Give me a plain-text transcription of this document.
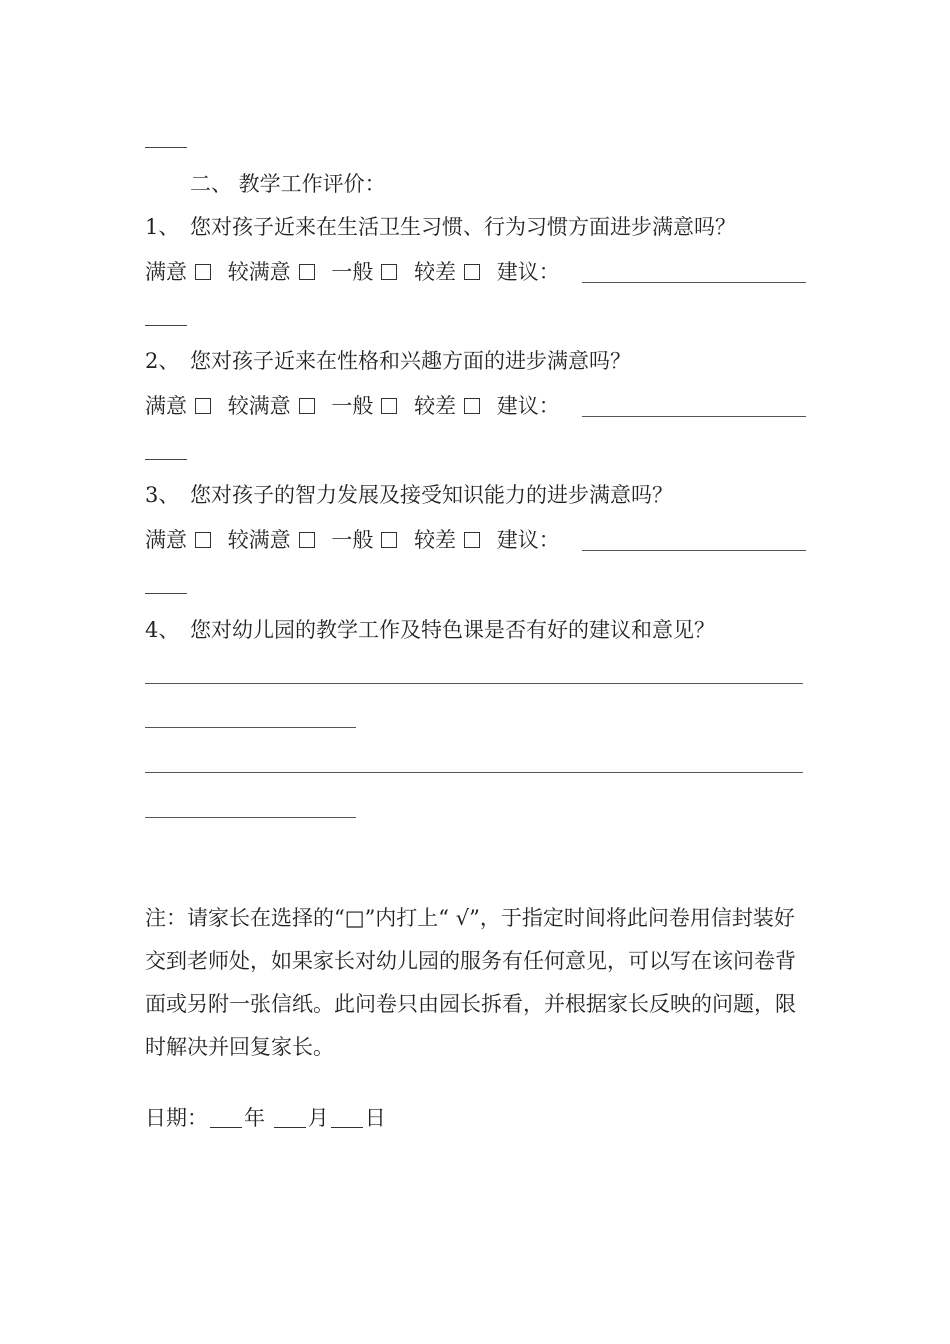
二、 教学工作评价：
1、 您对孩子近来在生活卫生习惯、行为习惯方面进步满意吗？
满意 较满意 一般 较差 建议：
2、 您对孩子近来在性格和兴趣方面的进步满意吗？
满意 较满意 一般 较差 建议：
3、 您对孩子的智力发展及接受知识能力的进步满意吗？
满意 较满意 一般 较差 建议：
4、 您对幼儿园的教学工作及特色课是否有好的建议和意见？
注：请家长在选择的“□”内打上“ √”，于指定时间将此问卷用信封装好交到老师处，如果家长对幼儿园的服务有任何意见，可以写在该问卷背面或另附一张信纸。此问卷只由园长拆看，并根据家长反映的问题，限时解决并回复家长。
日期： 年 月 日
